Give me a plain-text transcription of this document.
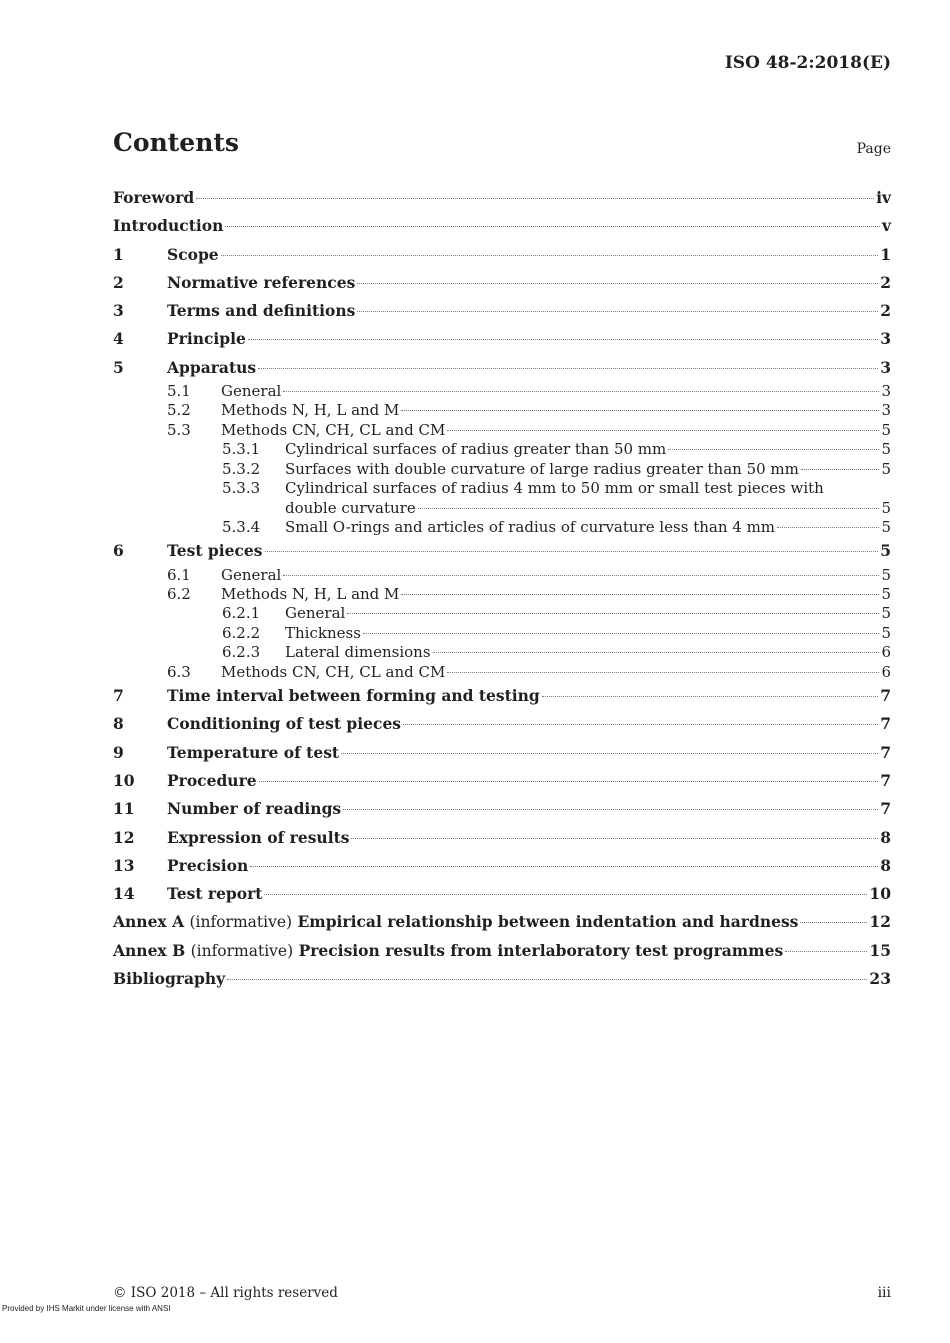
ISO 48-2:2018(E)
Contents	Page
Foreword	iv
Introduction	v
1	Scope	1
2	Normative references	2
3	Terms and definitions	2
4	Principle	3
5	Apparatus	3
5.1	General	3
5.2	Methods N, H, L and M	3
5.3	Methods CN, CH, CL and CM	5
5.3.1	Cylindrical surfaces of radius greater than 50 mm	5
5.3.2	Surfaces with double curvature of large radius greater than 50 mm	5
5.3.3	Cylindrical surfaces of radius 4 mm to 50 mm or small test pieces with
double curvature	5
5.3.4	Small O-rings and articles of radius of curvature less than 4 mm	5
6	Test pieces	5
6.1	General	5
6.2	Methods N, H, L and M	5
6.2.1	General	5
6.2.2	Thickness	5
6.2.3	Lateral dimensions	6
6.3	Methods CN, CH, CL and CM	6
7	Time interval between forming and testing	7
8	Conditioning of test pieces	7
9	Temperature of test	7
10	Procedure	7
11	Number of readings	7
12	Expression of results	8
13	Precision	8
14	Test report	10
Annex A (informative) Empirical relationship between indentation and hardness	12
Annex B (informative) Precision results from interlaboratory test programmes	15
Bibliography	23
© ISO 2018 – All rights reserved	iii
Provided by IHS Markit under license with ANSI
